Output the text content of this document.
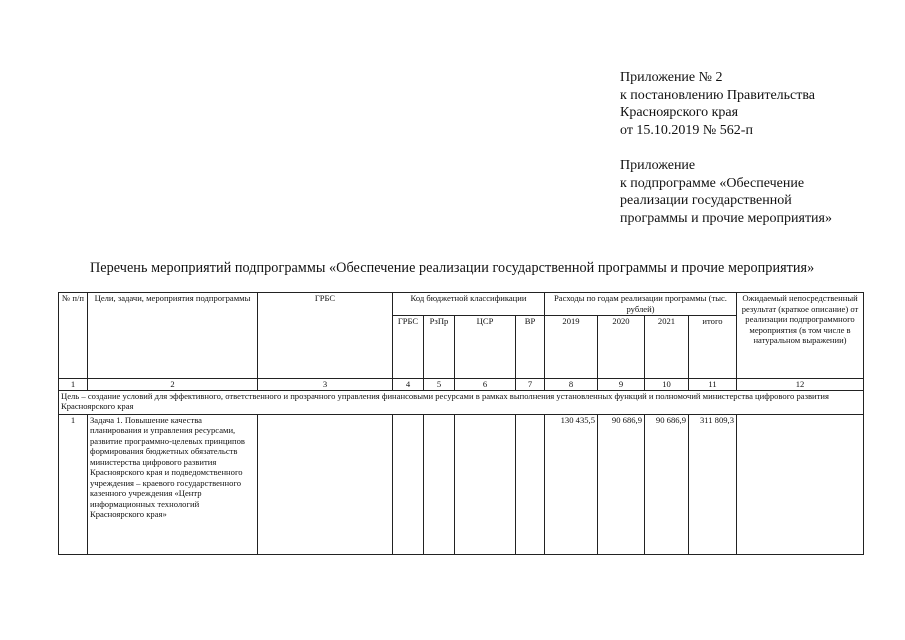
Приложение № 2
к постановлению Правительства
Красноярского края
от 15.10.2019 № 562-п
Приложение
к подпрограмме «Обеспечение
реализации государственной
программы и прочие мероприятия»
Перечень мероприятий подпрограммы «Обеспечение реализации государственной программы и прочие мероприятия»
№ п/п	Цели, задачи, мероприятия подпрограммы	ГРБС	Код бюджетной классификации				Расходы по годам реализации программы (тыс. рублей)				Ожидаемый непосредственный результат (краткое описание) от реализации подпрограммного мероприятия (в том числе в натуральном выражении)
			ГРБС	РзПр	ЦСР	ВР	2019	2020	2021	итого	
1	2	3	4	5	6	7	8	9	10	11	12
Цель – создание условий для эффективного, ответственного и прозрачного управления финансовыми ресурсами в рамках выполнения установленных функций и полномочий министерства цифрового развития Красноярского края											
1	Задача 1. Повышение качества планирования и управления ресурсами, развитие программно-целевых принципов формирования бюджетных обязательств министерства цифрового развития Красноярского края и подведомственного учреждения – краевого государственного казенного учреждения «Центр информационных технологий Красноярского края»						130 435,5	90 686,9	90 686,9	311 809,3	
